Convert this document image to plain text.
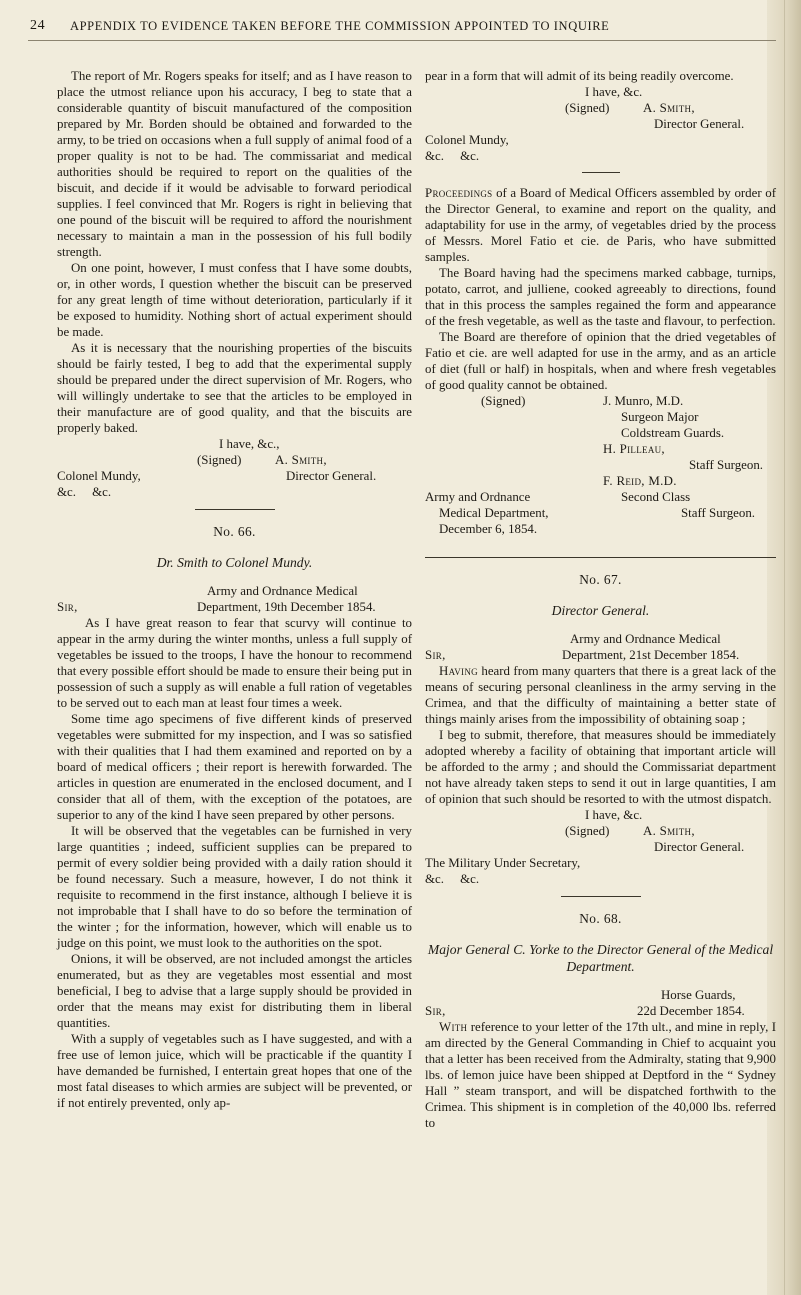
24 APPENDIX TO EVIDENCE TAKEN BEFORE THE COMMISSION APPOINTED TO INQUIRE

The report of Mr. Rogers speaks for itself; and as I have reason to place the utmost reliance upon his accuracy, I beg to state that a considerable quantity of biscuit manufactured of the composition prepared by Mr. Borden should be obtained and forwarded to the army, to be tried on occasions when a full supply of animal food of a proper quality is not to be had. The commissariat and medical authorities should be required to report on the qualities of the biscuit, and decide if it would be advisable to forward periodical supplies. I feel convinced that Mr. Rogers is right in believing that one pound of the biscuit will be required to afford the nourishment necessary to maintain a man in the possession of his full bodily strength.

On one point, however, I must confess that I have some doubts, or, in other words, I question whether the biscuit can be preserved for any great length of time without deterioration, particularly if it be exposed to humidity. Nothing short of actual experiment should be made.

As it is necessary that the nourishing properties of the biscuits should be fairly tested, I beg to add that the experimental supply should be prepared under the direct supervision of Mr. Rogers, who will willingly undertake to see that the articles to be employed in their manufacture are of good quality, and that the biscuits are properly baked.

I have, &c.,
(Signed)	A. Smith,
Colonel Mundy,	Director General.
&c.     &c.
No. 66.
Dr. Smith to Colonel Mundy.
Army and Ordnance Medical
Sir,	Department, 19th December 1854.

As I have great reason to fear that scurvy will continue to appear in the army during the winter months, unless a full supply of vegetables be issued to the troops, I have the honour to recommend that every possible effort should be made to ensure their being put in possession of such a supply as will enable a full ration of vegetables to be served out to each man at least four times a week.

Some time ago specimens of five different kinds of preserved vegetables were submitted for my inspection, and I was so satisfied with their qualities that I had them examined and reported on by a board of medical officers ; their report is herewith forwarded. The articles in question are enumerated in the enclosed document, and I consider that all of them, with the exception of the potatoes, are superior to any of the kind I have seen prepared by other persons.

It will be observed that the vegetables can be furnished in very large quantities ; indeed, sufficient supplies can be prepared to permit of every soldier being provided with a daily ration should it be found necessary. Such a measure, however, I do not think it requisite to recommend in the first instance, although I believe it is not improbable that I shall have to do so before the termination of the winter ; for the information, however, which will enable us to judge on this point, we must look to the authorities on the spot.

Onions, it will be observed, are not included amongst the articles enumerated, but as they are vegetables most essential and most beneficial, I beg to advise that a large supply should be provided in order that the means may exist for distributing them in liberal quantities.

With a supply of vegetables such as I have suggested, and with a free use of lemon juice, which will be practicable if the quantity I have demanded be furnished, I entertain great hopes that one of the most fatal diseases to which armies are subject will be prevented, or if not entirely prevented, only ap-

pear in a form that will admit of its being readily overcome.

I have, &c.
(Signed)	A. Smith,
Director General.
Colonel Mundy,
&c.     &c.

Proceedings of a Board of Medical Officers assembled by order of the Director General, to examine and report on the quality, and adaptability for use in the army, of vegetables dried by the process of Messrs. Morel Fatio et cie. de Paris, who have submitted samples.

The Board having had the specimens marked cabbage, turnips, potato, carrot, and julliene, cooked agreeably to directions, found that in this process the samples regained the form and appearance of the fresh vegetable, as well as the taste and flavour, to perfection.

The Board are therefore of opinion that the dried vegetables of Fatio et cie. are well adapted for use in the army, and as an article of diet (full or half) in hospitals, when and where fresh vegetables of good quality cannot be obtained.

(Signed)	J. Munro, M.D.
Surgeon Major
Coldstream Guards.
H. Pilleau,
Staff Surgeon.
F. Reid, M.D.
Army and Ordnance	Second Class
Medical Department,	Staff Surgeon.
December 6, 1854.
No. 67.
Director General.
Army and Ordnance Medical
Sir,	Department, 21st December 1854.

Having heard from many quarters that there is a great lack of the means of securing personal cleanliness in the army serving in the Crimea, and that the difficulty of maintaining a better state of things mainly arises from the impossibility of obtaining soap ;

I beg to submit, therefore, that measures should be immediately adopted whereby a facility of obtaining that important article will be afforded to the army ; and should the Commissariat department not have already taken steps to send it out in large quantities, I am of opinion that such should be resorted to with the utmost dispatch.

I have, &c.
(Signed)	A. Smith,
Director General.
The Military Under Secretary,
&c.     &c.
No. 68.
Major General C. Yorke to the Director General of the Medical Department.
Horse Guards,
Sir,	22d December 1854.

With reference to your letter of the 17th ult., and mine in reply, I am directed by the General Commanding in Chief to acquaint you that a letter has been received from the Admiralty, stating that 9,900 lbs. of lemon juice have been shipped at Deptford in the “ Sydney Hall ” steam transport, and will be dispatched forthwith to the Crimea. This shipment is in completion of the 40,000 lbs. referred to
